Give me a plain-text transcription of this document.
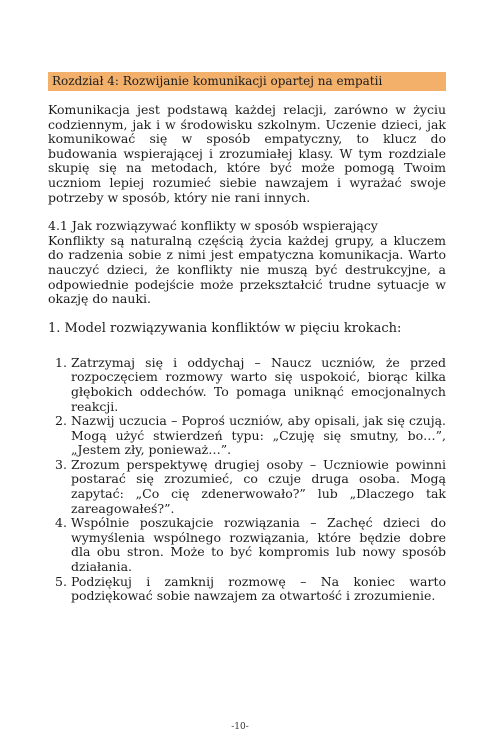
Rozdział 4: Rozwijanie komunikacji opartej na empatii

Komunikacja jest podstawą każdej relacji, zarówno w życiu codziennym, jak i w środowisku szkolnym. Uczenie dzieci, jak komunikować się w sposób empatyczny, to klucz do budowania wspierającej i zrozumiałej klasy. W tym rozdziale skupię się na metodach, które być może pomogą Twoim uczniom lepiej rozumieć siebie nawzajem i wyrażać swoje potrzeby w sposób, który nie rani innych.

4.1 Jak rozwiązywać konflikty w sposób wspierający

Konflikty są naturalną częścią życia każdej grupy, a kluczem do radzenia sobie z nimi jest empatyczna komunikacja. Warto nauczyć dzieci, że konflikty nie muszą być destrukcyjne, a odpowiednie podejście może przekształcić trudne sytuacje w okazję do nauki.

1. Model rozwiązywania konfliktów w pięciu krokach:
1. Zatrzymaj się i oddychaj – Naucz uczniów, że przed rozpoczęciem rozmowy warto się uspokoić, biorąc kilka głębokich oddechów. To pomaga uniknąć emocjonalnych reakcji.
2. Nazwij uczucia – Poproś uczniów, aby opisali, jak się czują. Mogą użyć stwierdzeń typu: „Czuję się smutny, bo…”, „Jestem zły, ponieważ…”.
3. Zrozum perspektywę drugiej osoby – Uczniowie powinni postarać się zrozumieć, co czuje druga osoba. Mogą zapytać: „Co cię zdenerwowało?” lub „Dlaczego tak zareagowałeś?”.
4. Wspólnie poszukajcie rozwiązania – Zachęć dzieci do wymyślenia wspólnego rozwiązania, które będzie dobre dla obu stron. Może to być kompromis lub nowy sposób działania.
5. Podziękuj i zamknij rozmowę – Na koniec warto podziękować sobie nawzajem za otwartość i zrozumienie.
-10-
